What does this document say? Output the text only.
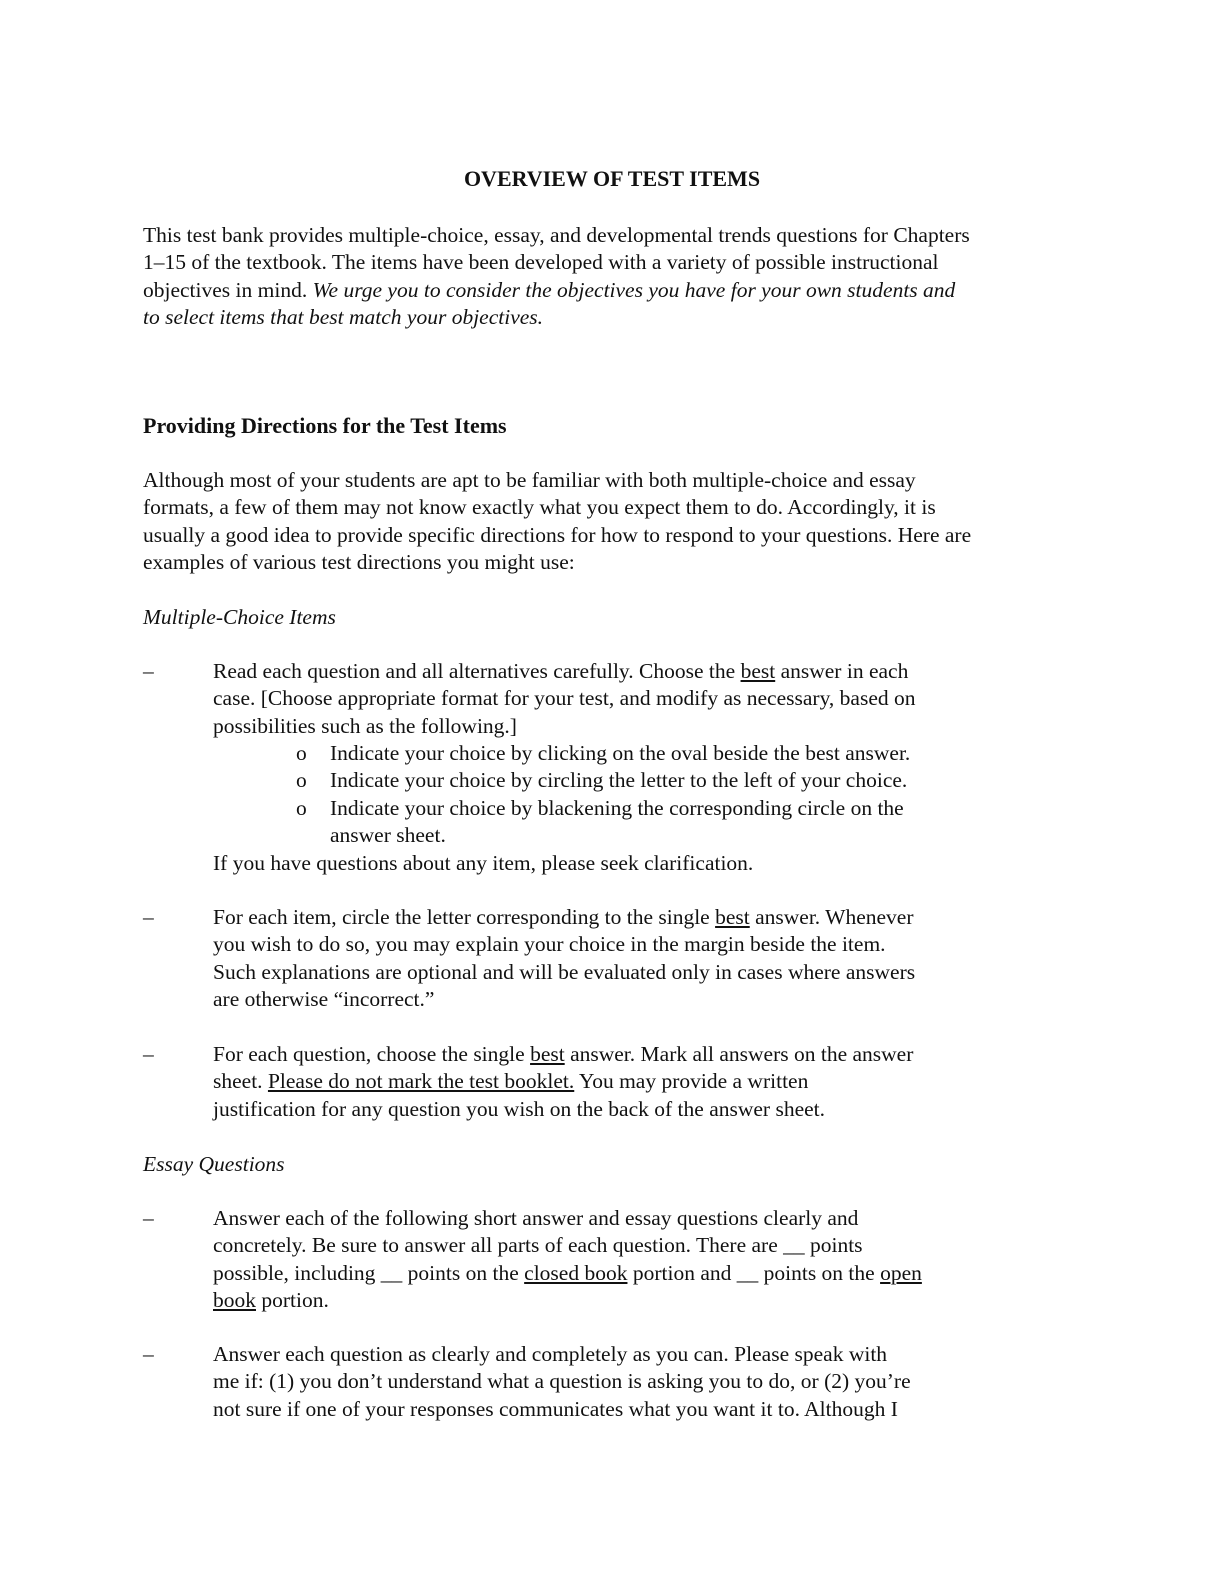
OVERVIEW OF TEST ITEMS
This test bank provides multiple-choice, essay, and developmental trends questions for Chapters
1–15 of the textbook. The items have been developed with a variety of possible instructional
objectives in mind. We urge you to consider the objectives you have for your own students and
to select items that best match your objectives.
Providing Directions for the Test Items
Although most of your students are apt to be familiar with both multiple-choice and essay
formats, a few of them may not know exactly what you expect them to do. Accordingly, it is
usually a good idea to provide specific directions for how to respond to your questions. Here are
examples of various test directions you might use:
Multiple-Choice Items
–	Read each question and all alternatives carefully. Choose the best answer in each
case. [Choose appropriate format for your test, and modify as necessary, based on
possibilities such as the following.]
o Indicate your choice by clicking on the oval beside the best answer.
o Indicate your choice by circling the letter to the left of your choice.
o Indicate your choice by blackening the corresponding circle on the
answer sheet.
If you have questions about any item, please seek clarification.
–	For each item, circle the letter corresponding to the single best answer. Whenever
you wish to do so, you may explain your choice in the margin beside the item.
Such explanations are optional and will be evaluated only in cases where answers
are otherwise “incorrect.”
–	For each question, choose the single best answer. Mark all answers on the answer
sheet. Please do not mark the test booklet. You may provide a written
justification for any question you wish on the back of the answer sheet.
Essay Questions
–	Answer each of the following short answer and essay questions clearly and
concretely. Be sure to answer all parts of each question. There are __ points
possible, including __ points on the closed book portion and __ points on the open
book portion.
–	Answer each question as clearly and completely as you can. Please speak with
me if: (1) you don’t understand what a question is asking you to do, or (2) you’re
not sure if one of your responses communicates what you want it to. Although I
